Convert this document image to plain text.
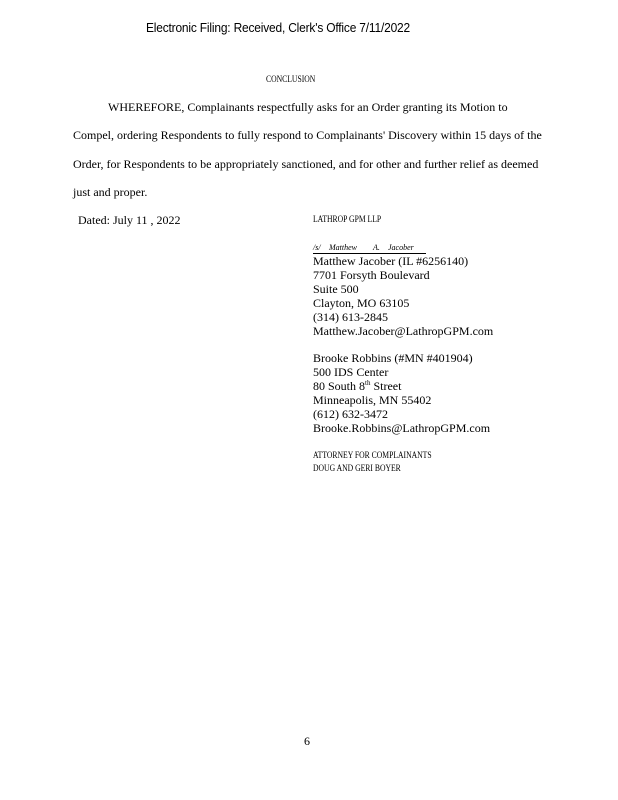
Electronic Filing: Received, Clerk's Office 7/11/2022
CONCLUSION
WHEREFORE, Complainants respectfully asks for an Order granting its Motion to
Compel, ordering Respondents to fully respond to Complainants' Discovery within 15 days of the
Order, for Respondents to be appropriately sanctioned, and for other and further relief as deemed
just and proper.
Dated: July 11 , 2022	LATHROP GPM LLP
/s/ Matthew A. Jacober
Matthew Jacober (IL #6256140)
7701 Forsyth Boulevard
Suite 500
Clayton, MO 63105
(314) 613-2845
Matthew.Jacober@LathropGPM.com
Brooke Robbins (#MN #401904)
500 IDS Center
80 South 8th Street
Minneapolis, MN 55402
(612) 632-3472
Brooke.Robbins@LathropGPM.com
ATTORNEY FOR COMPLAINANTS
DOUG AND GERI BOYER
6
